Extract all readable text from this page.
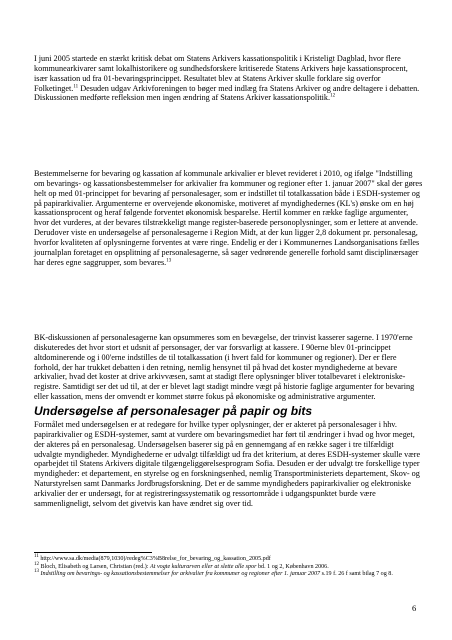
I juni 2005 startede en stærkt kritisk debat om Statens Arkivers kassationspolitik i Kristeligt Dagblad, hvor flere kommunearkivarer samt lokalhistorikere og sundhedsforskere kritiserede Statens Arkivers høje kassationsprocent, især kassation ud fra 01-bevaringsprincippet. Resultatet blev at Statens Arkiver skulle forklare sig overfor Folketinget.$^{11}$ Desuden udgav Arkivforeningen to bøger med indlæg fra Statens Arkiver og andre deltagere i debatten. Diskussionen medførte refleksion men ingen ændring af Statens Arkiver kassationspolitik.$^{12}$

Bestemmelserne for bevaring og kassation af kommunale arkivalier er blevet revideret i 2010, og ifølge "Indstilling om bevarings- og kassationsbestemmelser for arkivalier fra kommuner og regioner efter 1. januar 2007" skal der gøres helt op med 01-princippet for bevaring af personalesager, som er indstillet til totalkassation både i ESDH-systemer og på papirarkivalier. Argumenterne er overvejende økonomiske, motiveret af myndighedernes (KL's) ønske om en høj kassationsprocent og heraf følgende forventet økonomisk besparelse. Hertil kommer en række faglige argumenter, hvor det vurderes, at der bevares tilstrækkeligt mange register-baserede personoplysninger, som er lettere at anvende. Derudover viste en undersøgelse af personalesagerne i Region Midt, at der kun ligger 2,8 dokument pr. personalesag, hvorfor kvaliteten af oplysningerne forventes at være ringe. Endelig er der i Kommunernes Landsorganisations fælles journalplan foretaget en opsplitning af personalesagerne, så sager vedrørende generelle forhold samt disciplinærsager har deres egne saggrupper, som bevares.$^{13}$

BK-diskussionen af personalesagerne kan opsummeres som en bevægelse, der trinvist kasserer sagerne. I 1970'erne diskuteredes det hvor stort et udsnit af personsager, der var forsvarligt at kassere. I 90erne blev 01-princippet altdominerende og i 00'erne indstilles de til totalkassation (i hvert fald for kommuner og regioner). Der er flere forhold, der har trukket debatten i den retning, nemlig hensynet til på hvad det koster myndighederne at bevare arkivalier, hvad det koster at drive arkivvæsen, samt at stadigt flere oplysninger bliver totalbevaret i elektroniske-registre. Samtidigt ser det ud til, at der er blevet lagt stadigt mindre vægt på historie faglige argumenter for bevaring eller kassation, mens der omvendt er kommet større fokus på økonomiske og administrative argumenter.

Undersøgelse af personalesager på papir og bits

Formålet med undersøgelsen er at redegøre for hvilke typer oplysninger, der er akteret på personalesager i hhv. papirarkivalier og ESDH-systemer, samt at vurdere om bevaringsmediet har ført til ændringer i hvad og hvor meget, der akteres på en personalesag. Undersøgelsen baserer sig på en gennemgang af en række sager i tre tilfældigt udvalgte myndigheder. Myndighederne er udvalgt tilfældigt ud fra det kriterium, at deres ESDH-systemer skulle være oparbejdet til Statens Arkivers digitale tilgængeliggørelsesprogram Sofia. Desuden er der udvalgt tre forskellige typer myndigheder: et departement, en styrelse og en forskningsenhed, nemlig Transportministeriets departement, Skov- og Naturstyrelsen samt Danmarks Jordbrugsforskning. Det er de samme myndigheders papirarkivalier og elektroniske arkivalier der er undersøgt, for at registreringssystematik og ressortområde i udgangspunktet burde være sammenligneligt, selvom det givetvis kan have ændret sig over tid.

$^{11}$ http://www.sa.dk/media(879,1030)/redeg%C3%B8relse_for_bevaring_og_kassation_2005.pdf

$^{12}$ Bloch, Elisabeth og Larsen, Christian (red.): At vogte kulturarven eller at slette alle spor bd. 1 og 2, København 2006.

$^{13}$ Indstilling om bevarings- og kassationsbestemmelser for arkivalier fra kommuner og regioner efter 1. januar 2007 s.19 f. 26 f samt bilag 7 og 8.

6
